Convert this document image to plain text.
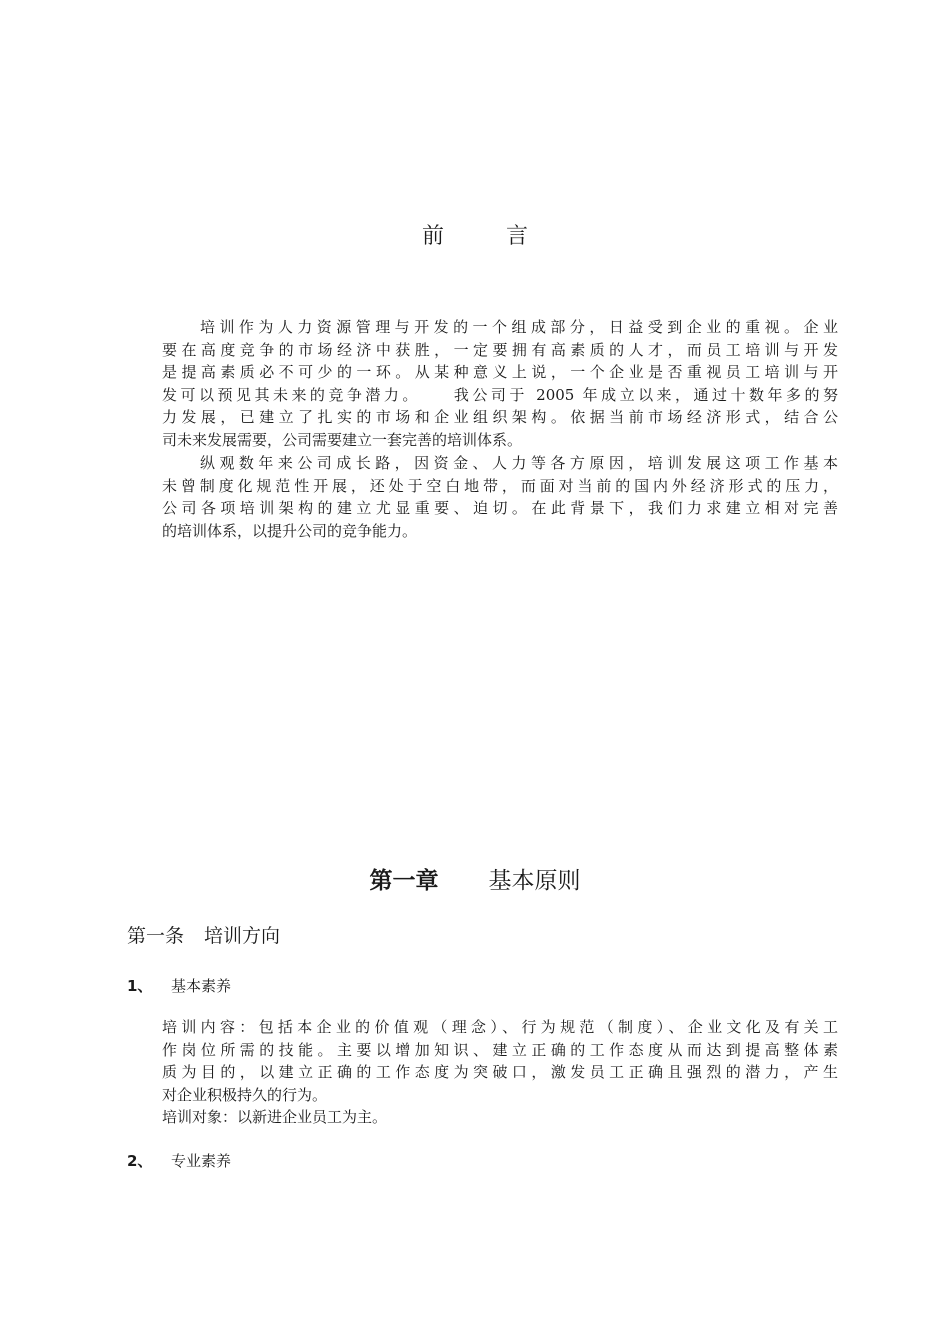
前	言
培训作为人力资源管理与开发的一个组成部分，日益受到企业的重视。企业
要在高度竞争的市场经济中获胜，一定要拥有高素质的人才，而员工培训与开发
是提高素质必不可少的一环。从某种意义上说，一个企业是否重视员工培训与开
发可以预见其未来的竞争潜力。    我公司于 2005 年成立以来，通过十数年多的努
力发展，已建立了扎实的市场和企业组织架构。依据当前市场经济形式，结合公
司未来发展需要，公司需要建立一套完善的培训体系。
纵观数年来公司成长路，因资金、人力等各方原因，培训发展这项工作基本
未曾制度化规范性开展，还处于空白地带，而面对当前的国内外经济形式的压力，
公司各项培训架构的建立尤显重要、迫切。在此背景下，我们力求建立相对完善
的培训体系，以提升公司的竞争能力。
第一章 基本原则
第一条 培训方向
1、 基本素养
培训内容：包括本企业的价值观（理念）、行为规范（制度）、企业文化及有关工
作岗位所需的技能。主要以增加知识、建立正确的工作态度从而达到提高整体素
质为目的，以建立正确的工作态度为突破口，激发员工正确且强烈的潜力，产生
对企业积极持久的行为。
培训对象：以新进企业员工为主。
2、 专业素养
